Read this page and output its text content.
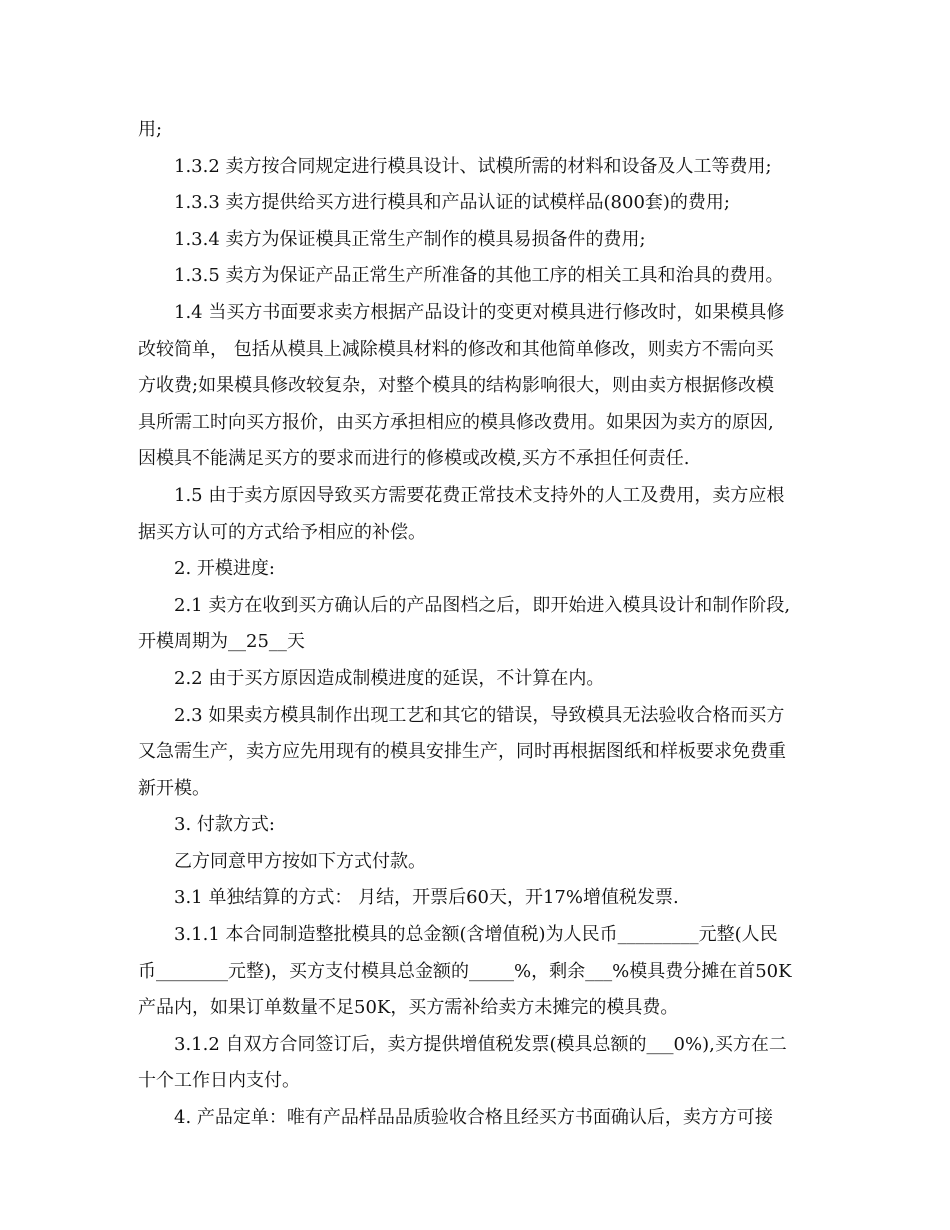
用;
1.3.2 卖方按合同规定进行模具设计、试模所需的材料和设备及人工等费用;
1.3.3 卖方提供给买方进行模具和产品认证的试模样品(800套)的费用;
1.3.4 卖方为保证模具正常生产制作的模具易损备件的费用;
1.3.5 卖方为保证产品正常生产所准备的其他工序的相关工具和治具的费用。
1.4 当买方书面要求卖方根据产品设计的变更对模具进行修改时，如果模具修
改较简单， 包括从模具上减除模具材料的修改和其他简单修改，则卖方不需向买
方收费;如果模具修改较复杂，对整个模具的结构影响很大，则由卖方根据修改模
具所需工时向买方报价，由买方承担相应的模具修改费用。如果因为卖方的原因,
因模具不能满足买方的要求而进行的修模或改模,买方不承担任何责任.
1.5 由于卖方原因导致买方需要花费正常技术支持外的人工及费用，卖方应根
据买方认可的方式给予相应的补偿。
2. 开模进度:
2.1 卖方在收到买方确认后的产品图档之后，即开始进入模具设计和制作阶段,
开模周期为__25__天
2.2 由于买方原因造成制模进度的延误，不计算在内。
2.3 如果卖方模具制作出现工艺和其它的错误，导致模具无法验收合格而买方
又急需生产，卖方应先用现有的模具安排生产，同时再根据图纸和样板要求免费重
新开模。
3. 付款方式:
乙方同意甲方按如下方式付款。
3.1 单独结算的方式： 月结，开票后60天，开17%增值税发票.
3.1.1 本合同制造整批模具的总金额(含增值税)为人民币_________元整(人民
币________元整)，买方支付模具总金额的_____%，剩余___%模具费分摊在首50K
产品内，如果订单数量不足50K，买方需补给卖方未摊完的模具费。
3.1.2 自双方合同签订后，卖方提供增值税发票(模具总额的___0%),买方在二
十个工作日内支付。
4. 产品定单：唯有产品样品品质验收合格且经买方书面确认后，卖方方可接
